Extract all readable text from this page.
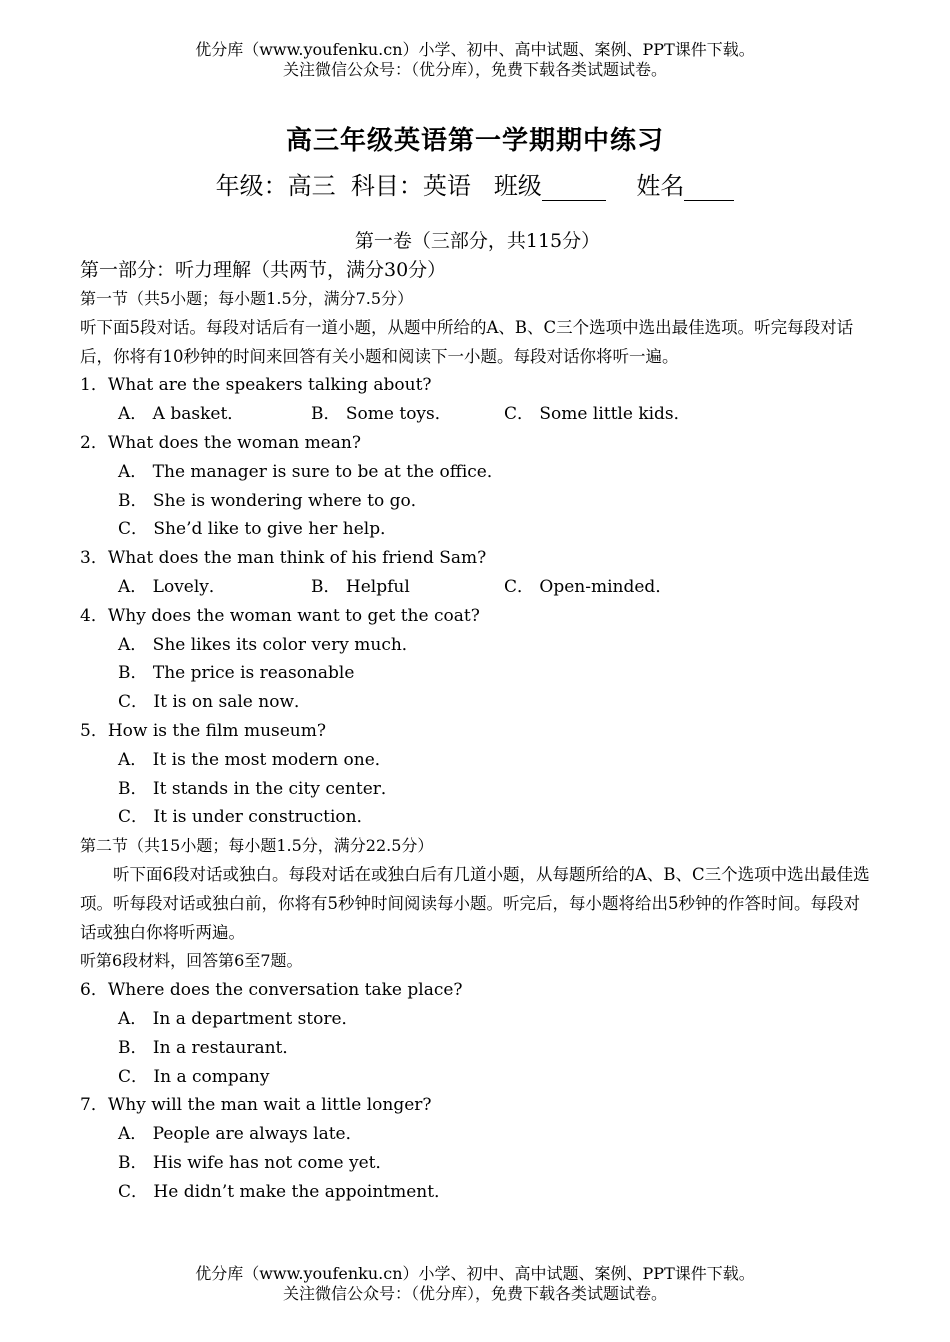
优分库（www.youfenku.cn）小学、初中、高中试题、案例、PPT课件下载。
关注微信公众号：（优分库），免费下载各类试题试卷。
高三年级英语第一学期期中练习
年级：高三 科目：英语 班级	姓名
第一卷（三部分，共115分）
第一部分：听力理解（共两节，满分30分）
第一节（共5小题；每小题1.5分，满分7.5分）
听下面5段对话。每段对话后有一道小题，从题中所给的A、B、C三个选项中选出最佳选项。听完每段对话后，你将有10秒钟的时间来回答有关小题和阅读下一小题。每段对话你将听一遍。
1．What are the speakers talking about?
A． A basket．	B． Some toys．	C． Some little kids．
2．What does the woman mean?
A． The manager is sure to be at the office．
B． She is wondering where to go．
C． She’d like to give her help．
3．What does the man think of his friend Sam?
A． Lovely．	B． Helpful	C． Open-minded．
4．Why does the woman want to get the coat?
A． She likes its color very much．
B． The price is reasonable
C． It is on sale now．
5．How is the film museum?
A． It is the most modern one．
B． It stands in the city center．
C． It is under construction．
第二节（共15小题；每小题1.5分，满分22.5分）
听下面6段对话或独白。每段对话在或独白后有几道小题，从每题所给的A、B、C三个选项中选出最佳选项。听每段对话或独白前，你将有5秒钟时间阅读每小题。听完后，每小题将给出5秒钟的作答时间。每段对话或独白你将听两遍。
听第6段材料，回答第6至7题。
6．Where does the conversation take place?
A． In a department store．
B． In a restaurant．
C． In a company
7．Why will the man wait a little longer?
A． People are always late．
B． His wife has not come yet．
C． He didn’t make the appointment．
优分库（www.youfenku.cn）小学、初中、高中试题、案例、PPT课件下载。
关注微信公众号：（优分库），免费下载各类试题试卷。
